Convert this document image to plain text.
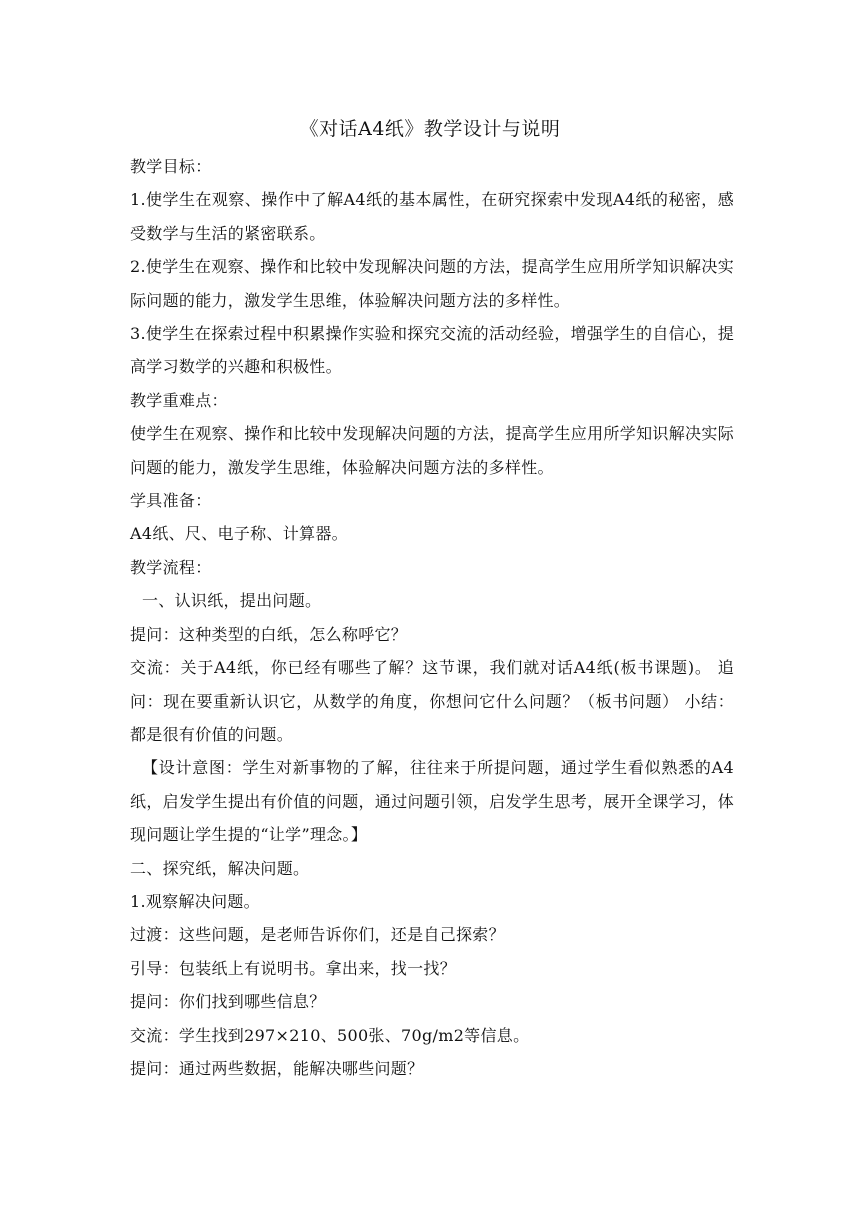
《对话A4纸》教学设计与说明

教学目标：

1.使学生在观察、操作中了解A4纸的基本属性，在研究探索中发现A4纸的秘密，感受数学与生活的紧密联系。

2.使学生在观察、操作和比较中发现解决问题的方法，提高学生应用所学知识解决实际问题的能力，激发学生思维，体验解决问题方法的多样性。

3.使学生在探索过程中积累操作实验和探究交流的活动经验，增强学生的自信心，提高学习数学的兴趣和积极性。

教学重难点：

使学生在观察、操作和比较中发现解决问题的方法，提高学生应用所学知识解决实际问题的能力，激发学生思维，体验解决问题方法的多样性。

学具准备：

A4纸、尺、电子称、计算器。

教学流程：

一、认识纸，提出问题。

提问：这种类型的白纸，怎么称呼它？

交流：关于A4纸，你已经有哪些了解？这节课，我们就对话A4纸(板书课题)。 追问：现在要重新认识它，从数学的角度，你想问它什么问题？（板书问题） 小结：都是很有价值的问题。

【设计意图：学生对新事物的了解，往往来于所提问题，通过学生看似熟悉的A4纸，启发学生提出有价值的问题，通过问题引领，启发学生思考，展开全课学习，体现问题让学生提的“让学”理念。】

二、探究纸，解决问题。

1.观察解决问题。

过渡：这些问题，是老师告诉你们，还是自己探索？

引导：包装纸上有说明书。拿出来，找一找？

提问：你们找到哪些信息？

交流：学生找到297×210、500张、70g/m2等信息。

提问：通过两些数据，能解决哪些问题？
